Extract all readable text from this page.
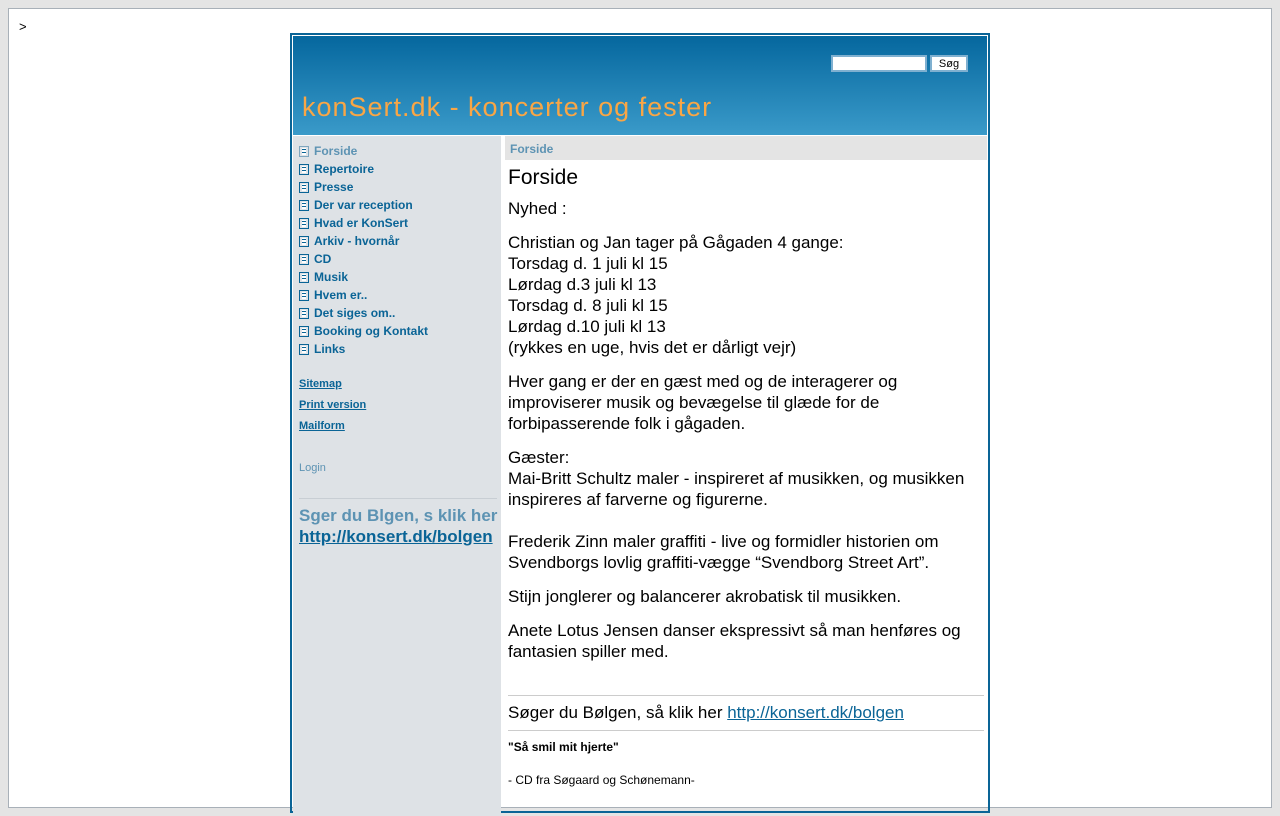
>
Søg
konSert.dk - koncerter og fester
Forside
Repertoire
Presse
Der var reception
Hvad er KonSert
Arkiv - hvornår
CD
Musik
Hvem er..
Det siges om..
Booking og Kontakt
Links
Sitemap
Print version
Mailform
Login
Sger du Blgen, s klik her
http://konsert.dk/bolgen
Forside
Forside

Nyhed :

Christian og Jan tager på Gågaden 4 gange:
Torsdag d. 1 juli kl 15
Lørdag d.3 juli kl 13
Torsdag d. 8 juli kl 15
Lørdag d.10 juli kl 13
(rykkes en uge, hvis det er dårligt vejr)

Hver gang er der en gæst med og de interagerer og improviserer musik og bevægelse til glæde for de forbipasserende folk i gågaden.

Gæster:
Mai-Britt Schultz maler - inspireret af musikken, og musikken inspireres af farverne og figurerne.

Frederik Zinn maler graffiti - live og formidler historien om Svendborgs lovlig graffiti-vægge “Svendborg Street Art”.

Stijn jonglerer og balancerer akrobatisk til musikken.

Anete Lotus Jensen danser ekspressivt så man henføres og fantasien spiller med.

Søger du Bølgen, så klik her http://konsert.dk/bolgen
"Så smil mit hjerte"
- CD fra Søgaard og Schønemann-
